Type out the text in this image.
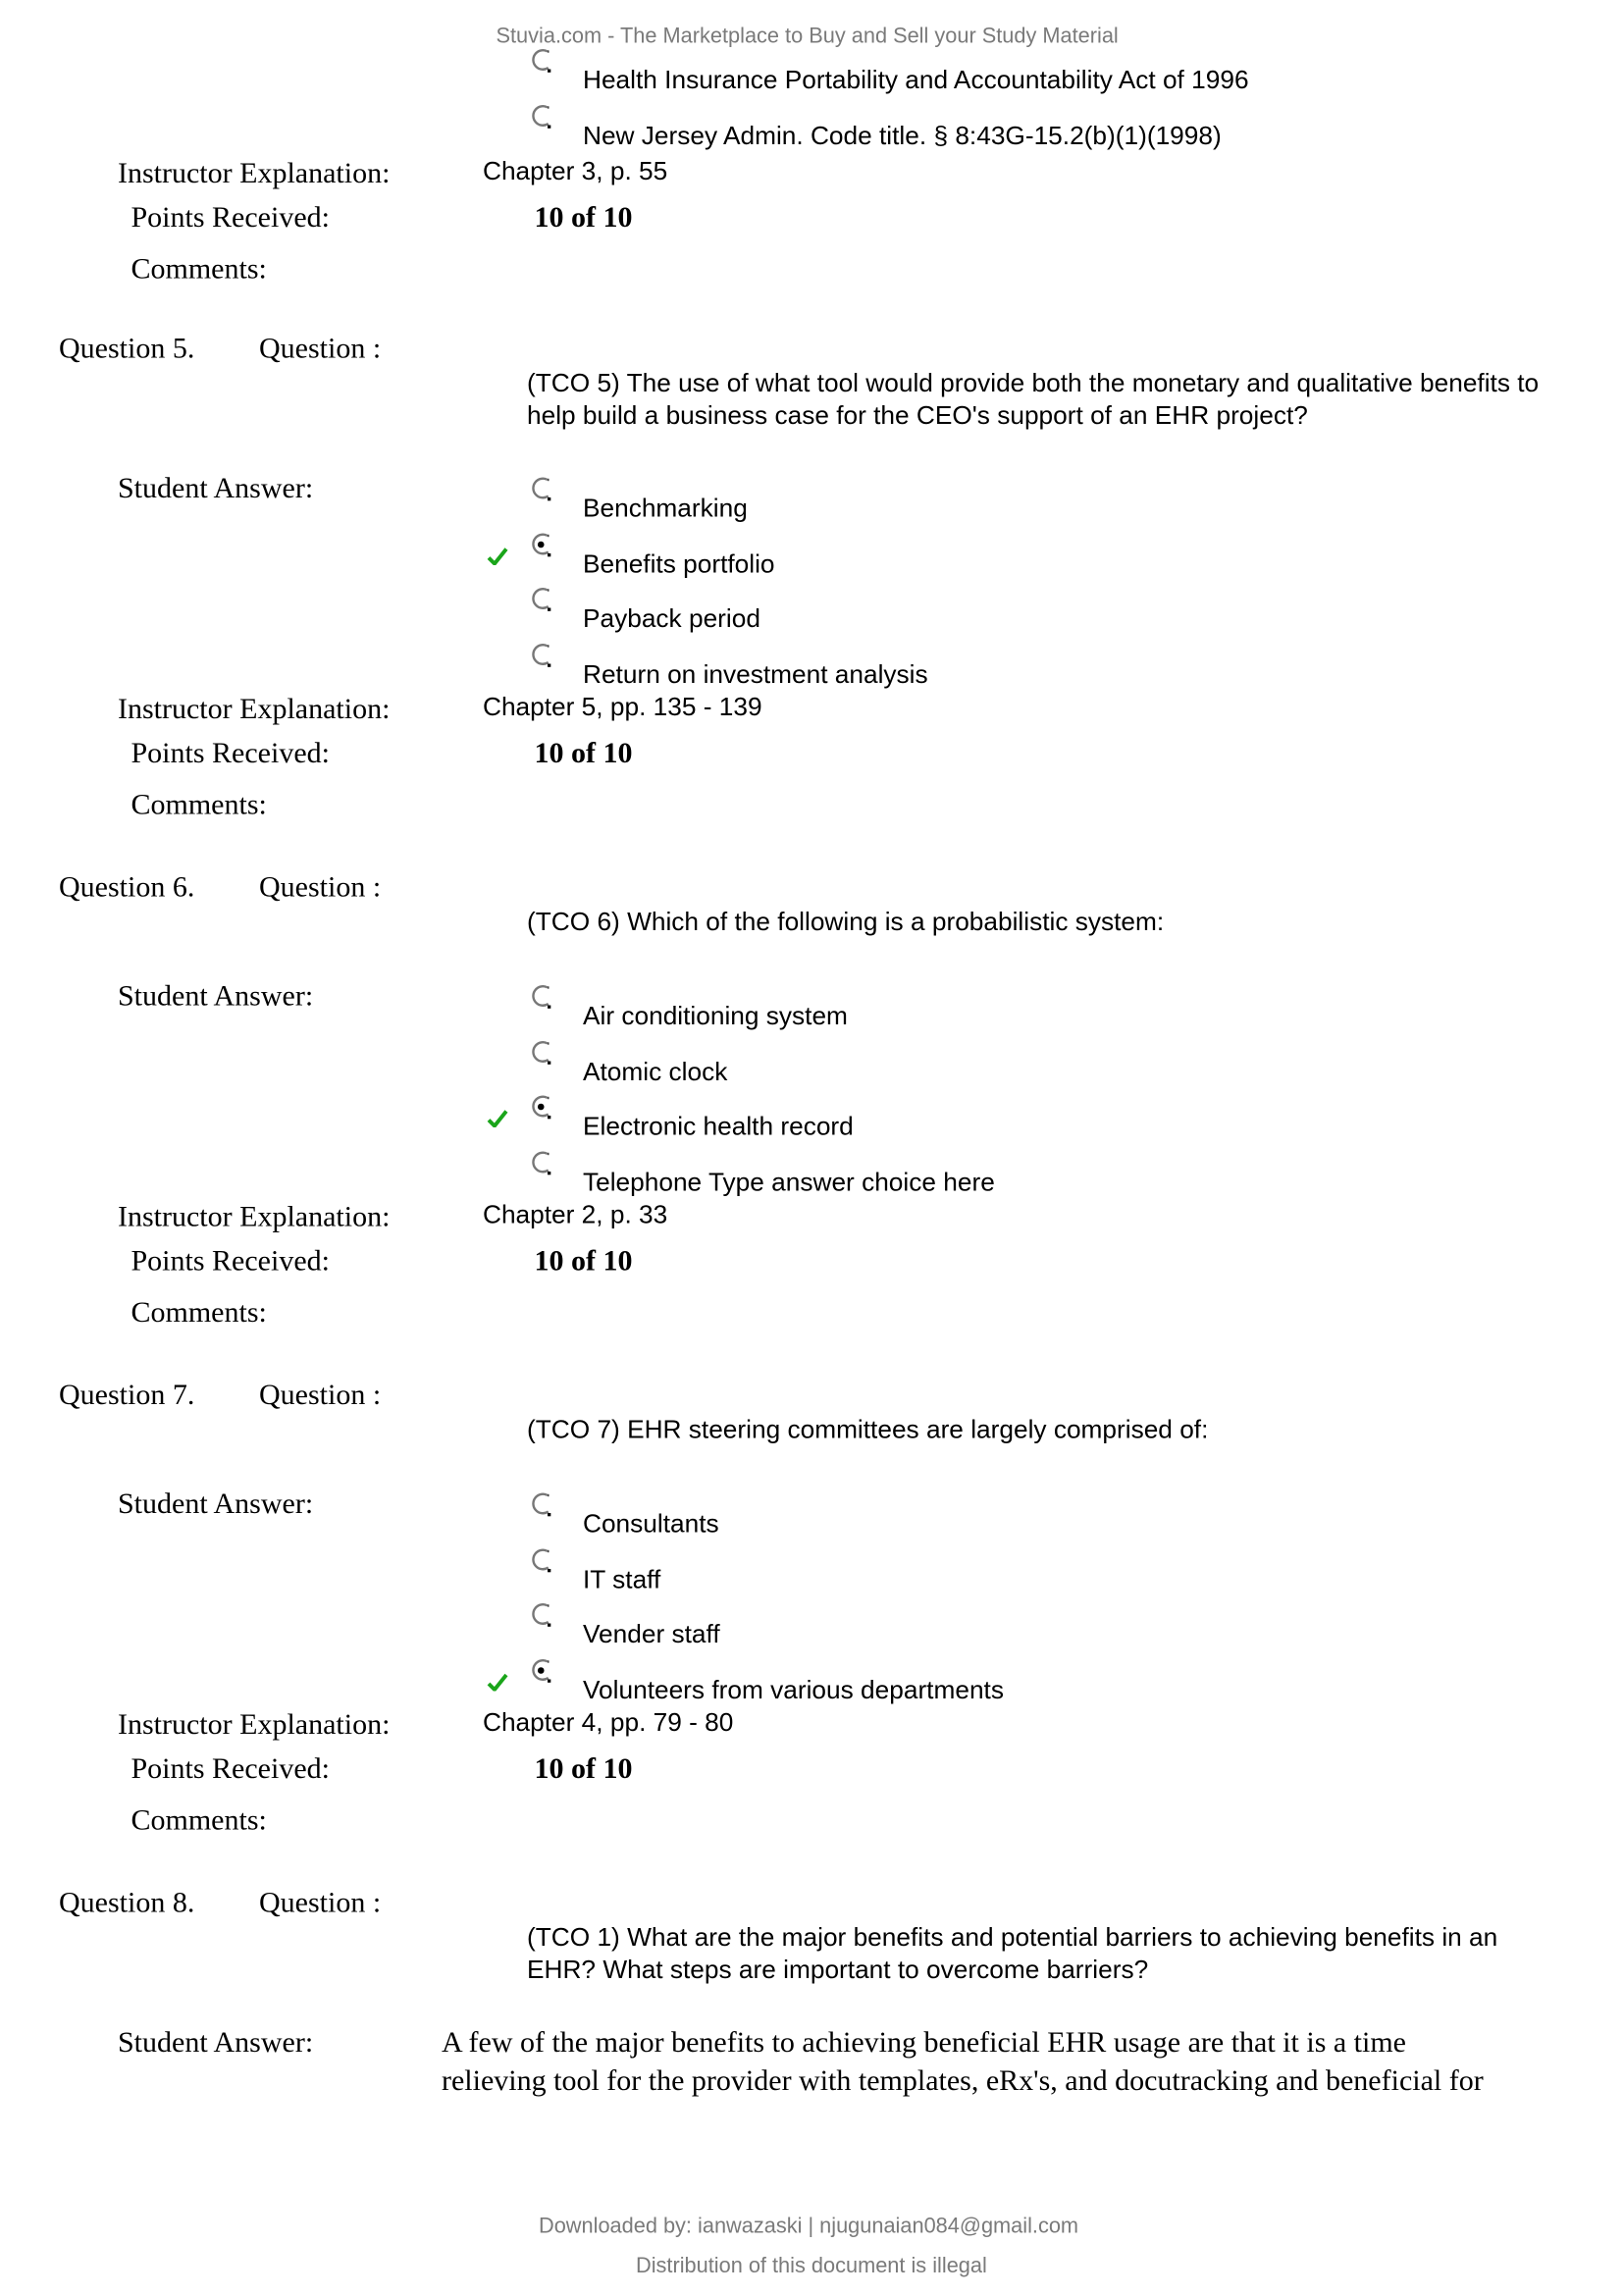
Stuvia.com - The Marketplace to Buy and Sell your Study Material
Downloaded by: ianwazaski | njugunaian084@gmail.com
Distribution of this document is illegal
Health Insurance Portability and Accountability Act of 1996
New Jersey Admin. Code title. § 8:43G-15.2(b)(1)(1998)
Instructor Explanation:	Chapter 3, p. 55
Points Received:	10 of 10
Comments:
Question 5.	Question :
(TCO 5) The use of what tool would provide both the monetary and qualitative benefits to
help build a business case for the CEO's support of an EHR project?
Student Answer:
Benchmarking
Benefits portfolio
Payback period
Return on investment analysis
Instructor Explanation:	Chapter 5, pp. 135 - 139
Points Received:	10 of 10
Comments:
Question 6.	Question :
(TCO 6) Which of the following is a probabilistic system:
Student Answer:
Air conditioning system
Atomic clock
Electronic health record
Telephone Type answer choice here
Instructor Explanation:	Chapter 2, p. 33
Points Received:	10 of 10
Comments:
Question 7.	Question :
(TCO 7) EHR steering committees are largely comprised of:
Student Answer:
Consultants
IT staff
Vender staff
Volunteers from various departments
Instructor Explanation:	Chapter 4, pp. 79 - 80
Points Received:	10 of 10
Comments:
Question 8.	Question :
(TCO 1) What are the major benefits and potential barriers to achieving benefits in an
EHR? What steps are important to overcome barriers?
Student Answer:	A few of the major benefits to achieving beneficial EHR usage are that it is a time
relieving tool for the provider with templates, eRx's, and docutracking and beneficial for
